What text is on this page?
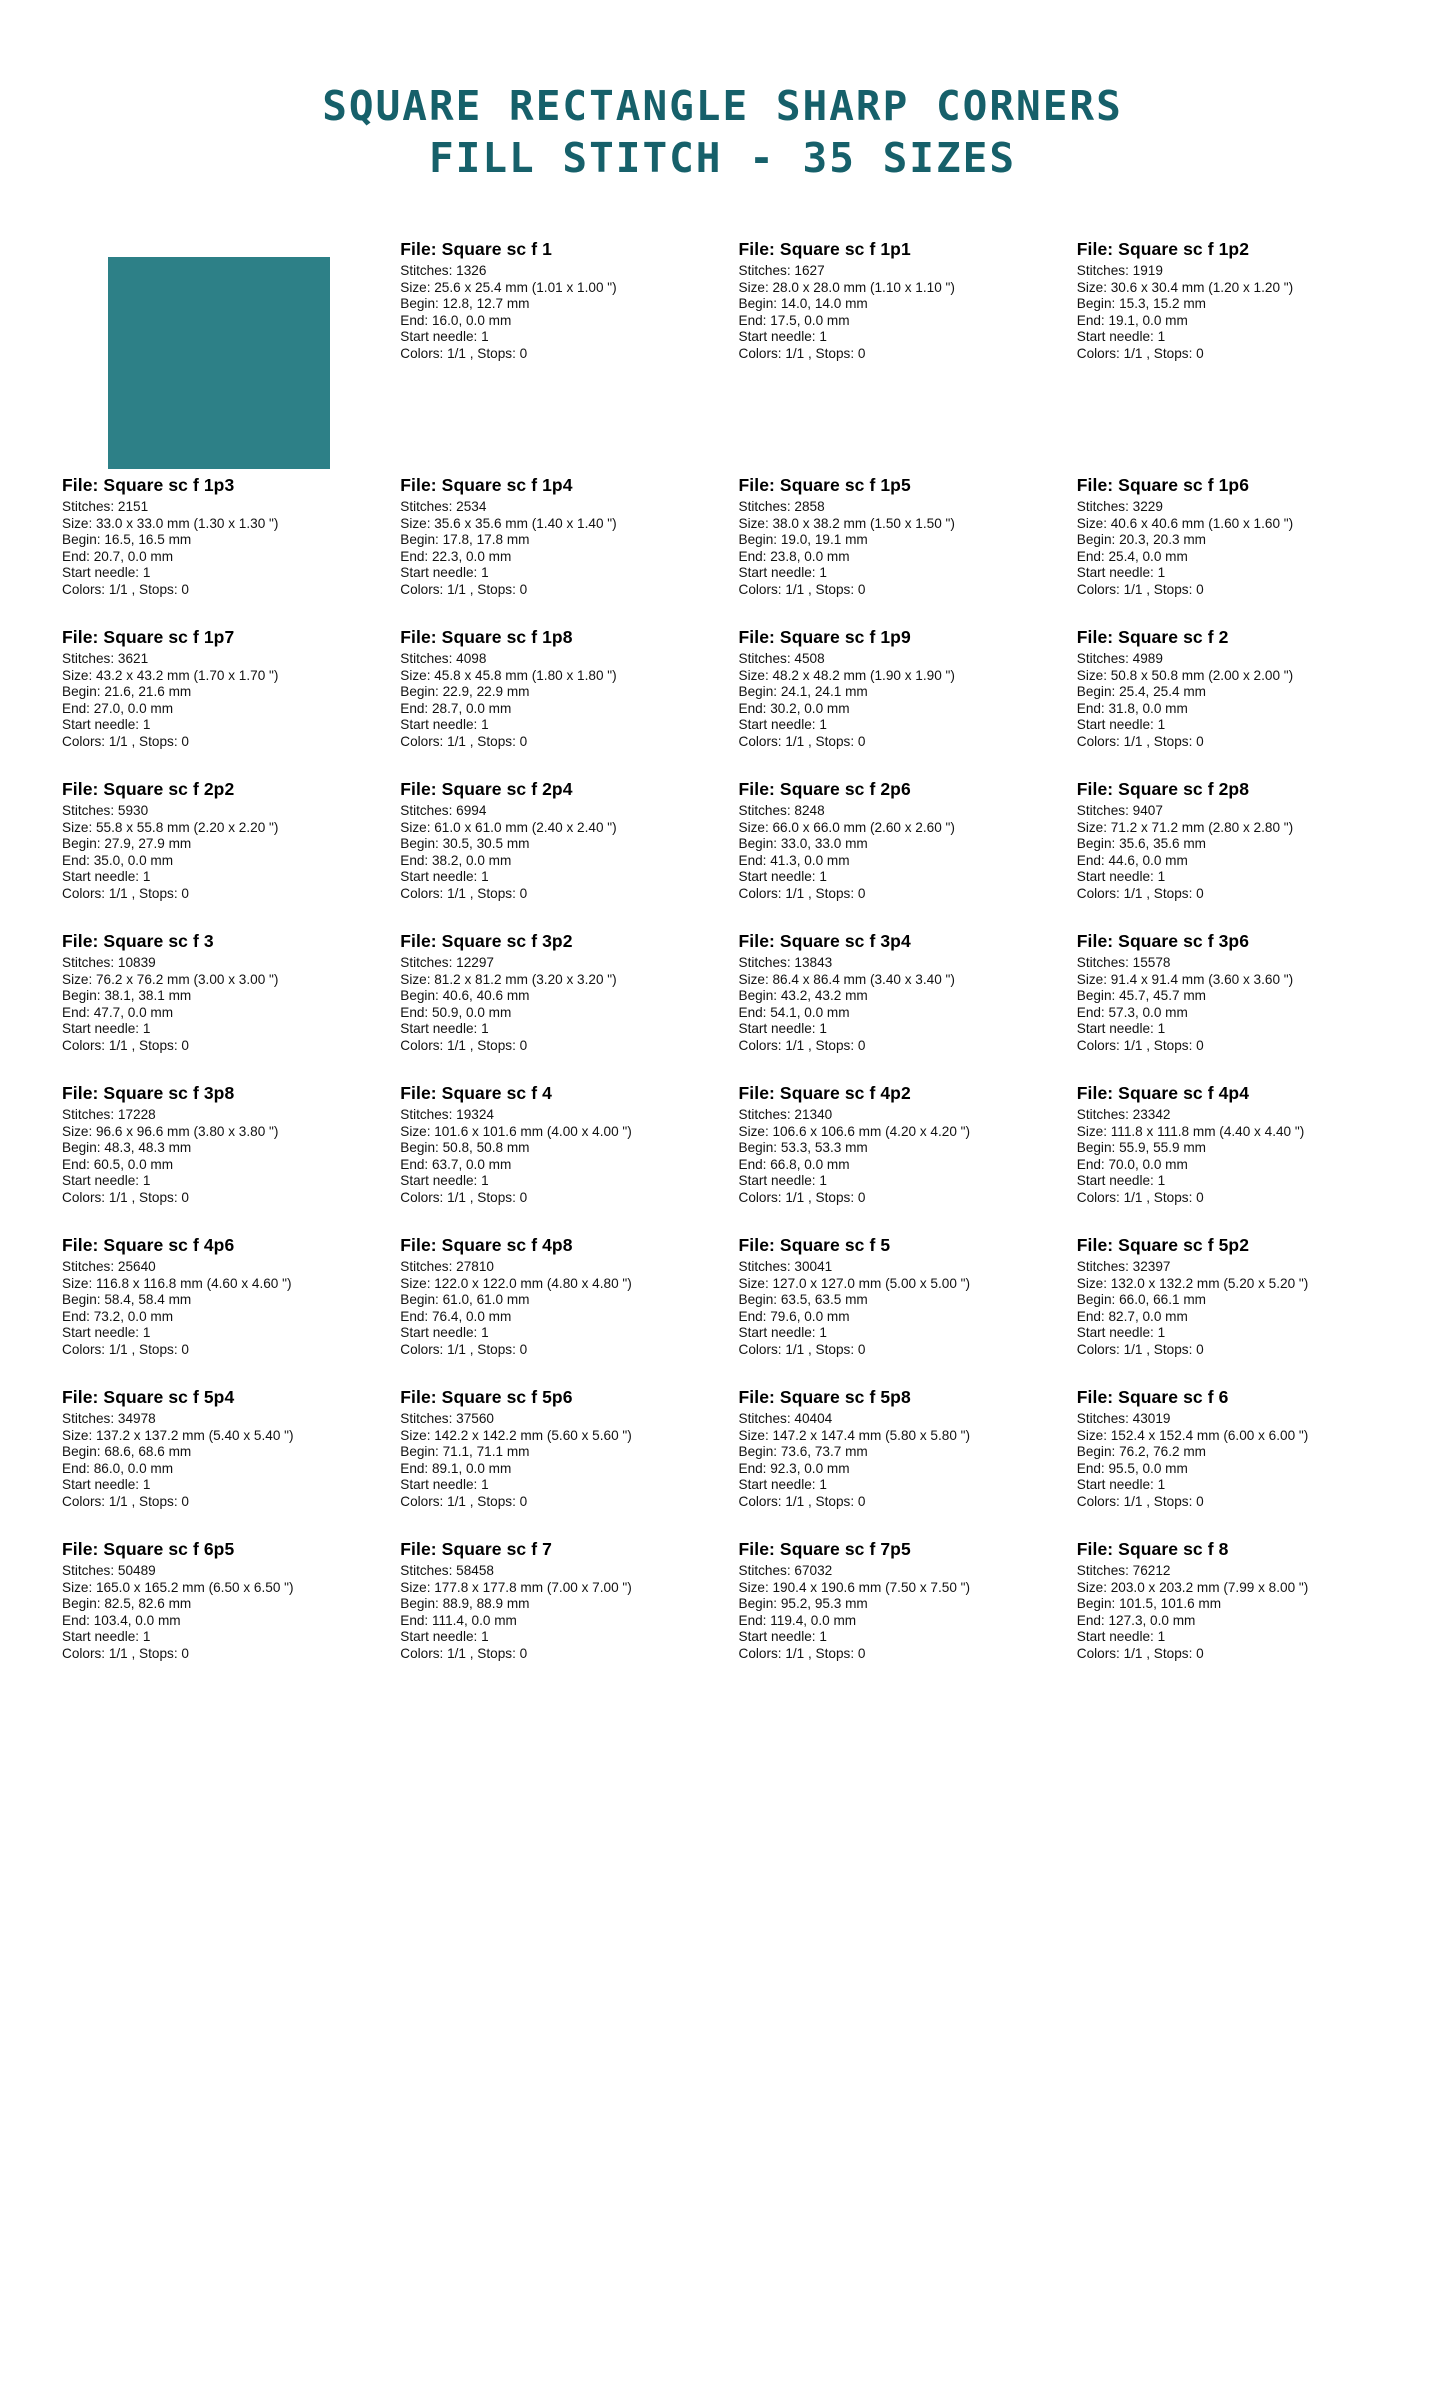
SQUARE RECTANGLE SHARP CORNERS
FILL STITCH - 35 SIZES
File: Square sc f 1
Stitches: 1326
Size: 25.6 x 25.4 mm (1.01 x 1.00 ")
Begin: 12.8, 12.7 mm
End: 16.0, 0.0 mm
Start needle: 1
Colors: 1/1 , Stops: 0
File: Square sc f 1p1
Stitches: 1627
Size: 28.0 x 28.0 mm (1.10 x 1.10 ")
Begin: 14.0, 14.0 mm
End: 17.5, 0.0 mm
Start needle: 1
Colors: 1/1 , Stops: 0
File: Square sc f 1p2
Stitches: 1919
Size: 30.6 x 30.4 mm (1.20 x 1.20 ")
Begin: 15.3, 15.2 mm
End: 19.1, 0.0 mm
Start needle: 1
Colors: 1/1 , Stops: 0
File: Square sc f 1p3
Stitches: 2151
Size: 33.0 x 33.0 mm (1.30 x 1.30 ")
Begin: 16.5, 16.5 mm
End: 20.7, 0.0 mm
Start needle: 1
Colors: 1/1 , Stops: 0
File: Square sc f 1p4
Stitches: 2534
Size: 35.6 x 35.6 mm (1.40 x 1.40 ")
Begin: 17.8, 17.8 mm
End: 22.3, 0.0 mm
Start needle: 1
Colors: 1/1 , Stops: 0
File: Square sc f 1p5
Stitches: 2858
Size: 38.0 x 38.2 mm (1.50 x 1.50 ")
Begin: 19.0, 19.1 mm
End: 23.8, 0.0 mm
Start needle: 1
Colors: 1/1 , Stops: 0
File: Square sc f 1p6
Stitches: 3229
Size: 40.6 x 40.6 mm (1.60 x 1.60 ")
Begin: 20.3, 20.3 mm
End: 25.4, 0.0 mm
Start needle: 1
Colors: 1/1 , Stops: 0
File: Square sc f 1p7
Stitches: 3621
Size: 43.2 x 43.2 mm (1.70 x 1.70 ")
Begin: 21.6, 21.6 mm
End: 27.0, 0.0 mm
Start needle: 1
Colors: 1/1 , Stops: 0
File: Square sc f 1p8
Stitches: 4098
Size: 45.8 x 45.8 mm (1.80 x 1.80 ")
Begin: 22.9, 22.9 mm
End: 28.7, 0.0 mm
Start needle: 1
Colors: 1/1 , Stops: 0
File: Square sc f 1p9
Stitches: 4508
Size: 48.2 x 48.2 mm (1.90 x 1.90 ")
Begin: 24.1, 24.1 mm
End: 30.2, 0.0 mm
Start needle: 1
Colors: 1/1 , Stops: 0
File: Square sc f 2
Stitches: 4989
Size: 50.8 x 50.8 mm (2.00 x 2.00 ")
Begin: 25.4, 25.4 mm
End: 31.8, 0.0 mm
Start needle: 1
Colors: 1/1 , Stops: 0
File: Square sc f 2p2
Stitches: 5930
Size: 55.8 x 55.8 mm (2.20 x 2.20 ")
Begin: 27.9, 27.9 mm
End: 35.0, 0.0 mm
Start needle: 1
Colors: 1/1 , Stops: 0
File: Square sc f 2p4
Stitches: 6994
Size: 61.0 x 61.0 mm (2.40 x 2.40 ")
Begin: 30.5, 30.5 mm
End: 38.2, 0.0 mm
Start needle: 1
Colors: 1/1 , Stops: 0
File: Square sc f 2p6
Stitches: 8248
Size: 66.0 x 66.0 mm (2.60 x 2.60 ")
Begin: 33.0, 33.0 mm
End: 41.3, 0.0 mm
Start needle: 1
Colors: 1/1 , Stops: 0
File: Square sc f 2p8
Stitches: 9407
Size: 71.2 x 71.2 mm (2.80 x 2.80 ")
Begin: 35.6, 35.6 mm
End: 44.6, 0.0 mm
Start needle: 1
Colors: 1/1 , Stops: 0
File: Square sc f 3
Stitches: 10839
Size: 76.2 x 76.2 mm (3.00 x 3.00 ")
Begin: 38.1, 38.1 mm
End: 47.7, 0.0 mm
Start needle: 1
Colors: 1/1 , Stops: 0
File: Square sc f 3p2
Stitches: 12297
Size: 81.2 x 81.2 mm (3.20 x 3.20 ")
Begin: 40.6, 40.6 mm
End: 50.9, 0.0 mm
Start needle: 1
Colors: 1/1 , Stops: 0
File: Square sc f 3p4
Stitches: 13843
Size: 86.4 x 86.4 mm (3.40 x 3.40 ")
Begin: 43.2, 43.2 mm
End: 54.1, 0.0 mm
Start needle: 1
Colors: 1/1 , Stops: 0
File: Square sc f 3p6
Stitches: 15578
Size: 91.4 x 91.4 mm (3.60 x 3.60 ")
Begin: 45.7, 45.7 mm
End: 57.3, 0.0 mm
Start needle: 1
Colors: 1/1 , Stops: 0
File: Square sc f 3p8
Stitches: 17228
Size: 96.6 x 96.6 mm (3.80 x 3.80 ")
Begin: 48.3, 48.3 mm
End: 60.5, 0.0 mm
Start needle: 1
Colors: 1/1 , Stops: 0
File: Square sc f 4
Stitches: 19324
Size: 101.6 x 101.6 mm (4.00 x 4.00 ")
Begin: 50.8, 50.8 mm
End: 63.7, 0.0 mm
Start needle: 1
Colors: 1/1 , Stops: 0
File: Square sc f 4p2
Stitches: 21340
Size: 106.6 x 106.6 mm (4.20 x 4.20 ")
Begin: 53.3, 53.3 mm
End: 66.8, 0.0 mm
Start needle: 1
Colors: 1/1 , Stops: 0
File: Square sc f 4p4
Stitches: 23342
Size: 111.8 x 111.8 mm (4.40 x 4.40 ")
Begin: 55.9, 55.9 mm
End: 70.0, 0.0 mm
Start needle: 1
Colors: 1/1 , Stops: 0
File: Square sc f 4p6
Stitches: 25640
Size: 116.8 x 116.8 mm (4.60 x 4.60 ")
Begin: 58.4, 58.4 mm
End: 73.2, 0.0 mm
Start needle: 1
Colors: 1/1 , Stops: 0
File: Square sc f 4p8
Stitches: 27810
Size: 122.0 x 122.0 mm (4.80 x 4.80 ")
Begin: 61.0, 61.0 mm
End: 76.4, 0.0 mm
Start needle: 1
Colors: 1/1 , Stops: 0
File: Square sc f 5
Stitches: 30041
Size: 127.0 x 127.0 mm (5.00 x 5.00 ")
Begin: 63.5, 63.5 mm
End: 79.6, 0.0 mm
Start needle: 1
Colors: 1/1 , Stops: 0
File: Square sc f 5p2
Stitches: 32397
Size: 132.0 x 132.2 mm (5.20 x 5.20 ")
Begin: 66.0, 66.1 mm
End: 82.7, 0.0 mm
Start needle: 1
Colors: 1/1 , Stops: 0
File: Square sc f 5p4
Stitches: 34978
Size: 137.2 x 137.2 mm (5.40 x 5.40 ")
Begin: 68.6, 68.6 mm
End: 86.0, 0.0 mm
Start needle: 1
Colors: 1/1 , Stops: 0
File: Square sc f 5p6
Stitches: 37560
Size: 142.2 x 142.2 mm (5.60 x 5.60 ")
Begin: 71.1, 71.1 mm
End: 89.1, 0.0 mm
Start needle: 1
Colors: 1/1 , Stops: 0
File: Square sc f 5p8
Stitches: 40404
Size: 147.2 x 147.4 mm (5.80 x 5.80 ")
Begin: 73.6, 73.7 mm
End: 92.3, 0.0 mm
Start needle: 1
Colors: 1/1 , Stops: 0
File: Square sc f 6
Stitches: 43019
Size: 152.4 x 152.4 mm (6.00 x 6.00 ")
Begin: 76.2, 76.2 mm
End: 95.5, 0.0 mm
Start needle: 1
Colors: 1/1 , Stops: 0
File: Square sc f 6p5
Stitches: 50489
Size: 165.0 x 165.2 mm (6.50 x 6.50 ")
Begin: 82.5, 82.6 mm
End: 103.4, 0.0 mm
Start needle: 1
Colors: 1/1 , Stops: 0
File: Square sc f 7
Stitches: 58458
Size: 177.8 x 177.8 mm (7.00 x 7.00 ")
Begin: 88.9, 88.9 mm
End: 111.4, 0.0 mm
Start needle: 1
Colors: 1/1 , Stops: 0
File: Square sc f 7p5
Stitches: 67032
Size: 190.4 x 190.6 mm (7.50 x 7.50 ")
Begin: 95.2, 95.3 mm
End: 119.4, 0.0 mm
Start needle: 1
Colors: 1/1 , Stops: 0
File: Square sc f 8
Stitches: 76212
Size: 203.0 x 203.2 mm (7.99 x 8.00 ")
Begin: 101.5, 101.6 mm
End: 127.3, 0.0 mm
Start needle: 1
Colors: 1/1 , Stops: 0
